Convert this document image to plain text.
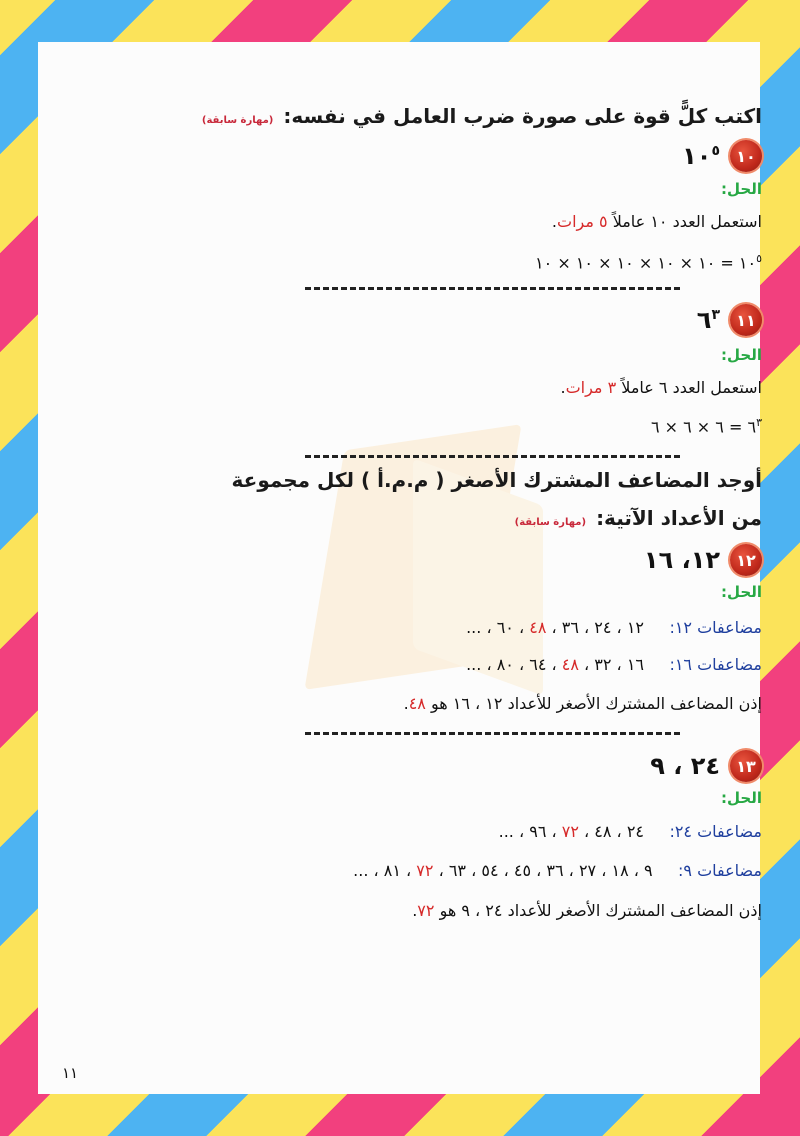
اكتب كلًّ قوة على صورة ضرب العامل في نفسه:(مهارة سابقة)
١٠
$١٠^٥$
الحل:
استعمل العدد ١٠ عاملاً ٥ مرات.
$١٠^٥$ = ١٠ × ١٠ × ١٠ × ١٠ × ١٠
١١
$٦^٣$
الحل:
استعمل العدد ٦ عاملاً ٣ مرات.
$٦^٣$ = ٦ × ٦ × ٦
أوجد المضاعف المشترك الأصغر ( م.م.أ ) لكل مجموعة
من الأعداد الآتية:(مهارة سابقة)
١٢
١٢، ١٦
الحل:
مضاعفات ١٢:     ١٢ ، ٢٤ ، ٣٦ ، ٤٨ ، ٦٠ ، ...
مضاعفات ١٦:     ١٦ ، ٣٢ ، ٤٨ ، ٦٤ ، ٨٠ ، ...
إذن المضاعف المشترك الأصغر للأعداد ١٢ ، ١٦ هو ٤٨.
١٣
٢٤ ، ٩
الحل:
مضاعفات ٢٤:     ٢٤ ، ٤٨ ، ٧٢ ، ٩٦ ، ...
مضاعفات ٩:     ٩ ، ١٨ ، ٢٧ ، ٣٦ ، ٤٥ ، ٥٤ ، ٦٣ ، ٧٢ ، ٨١ ، ...
إذن المضاعف المشترك الأصغر للأعداد ٢٤ ، ٩ هو ٧٢.
١١
